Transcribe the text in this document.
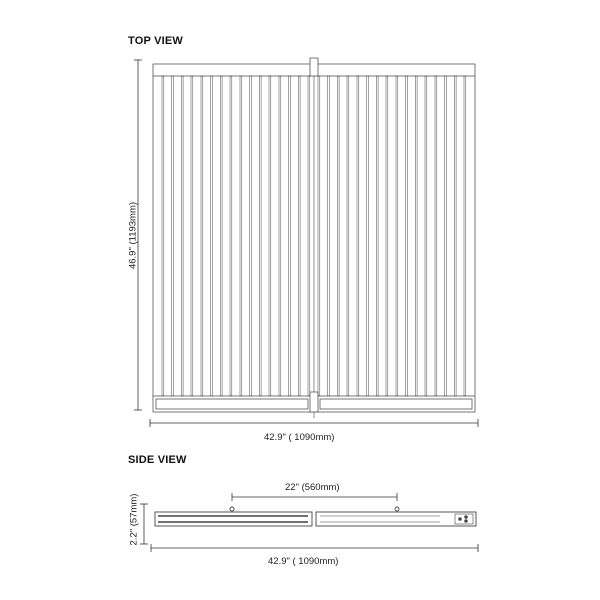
TOP VIEW
SIDE VIEW
46.9" (1193mm)
42.9" ( 1090mm)
22" (560mm)
2.2" (57mm)
42.9" ( 1090mm)
